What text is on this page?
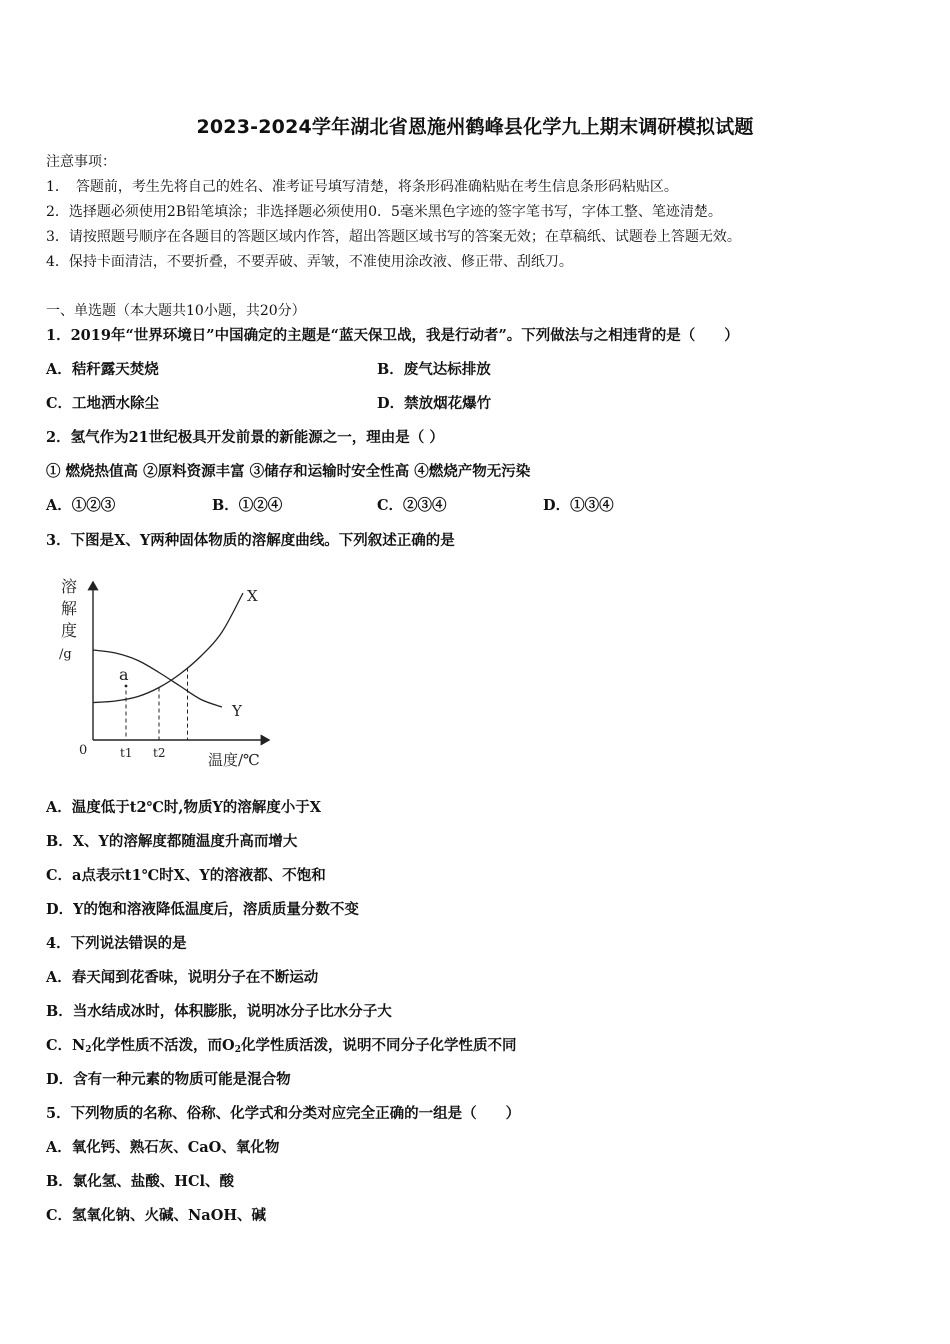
2023-2024学年湖北省恩施州鹤峰县化学九上期末调研模拟试题
注意事项：
1．　答题前，考生先将自己的姓名、准考证号填写清楚，将条形码准确粘贴在考生信息条形码粘贴区。
2．选择题必须使用2B铅笔填涂；非选择题必须使用0．5毫米黑色字迹的签字笔书写，字体工整、笔迹清楚。
3．请按照题号顺序在各题目的答题区域内作答，超出答题区域书写的答案无效；在草稿纸、试题卷上答题无效。
4．保持卡面清洁，不要折叠，不要弄破、弄皱，不准使用涂改液、修正带、刮纸刀。
一、单选题（本大题共10小题，共20分）
1．2019年“世界环境日”中国确定的主题是“蓝天保卫战，我是行动者”。下列做法与之相违背的是（　　）
A．秸秆露天焚烧	B．废气达标排放
C．工地洒水除尘	D．禁放烟花爆竹
2．氢气作为21世纪极具开发前景的新能源之一，理由是（ ）
① 燃烧热值高 ②原料资源丰富 ③储存和运输时安全性高 ④燃烧产物无污染
A．①②③	B．①②④	C．②③④	D．①③④
3．下图是X、Y两种固体物质的溶解度曲线。下列叙述正确的是
溶
解
度
/g
0
温度/℃
t1 t2
X
Y
a
A．温度低于t2℃时,物质Y的溶解度小于X
B．X、Y的溶解度都随温度升高而增大
C．a点表示t1℃时X、Y的溶液都、不饱和
D．Y的饱和溶液降低温度后，溶质质量分数不变
4．下列说法错误的是
A．春天闻到花香味，说明分子在不断运动
B．当水结成冰时，体积膨胀，说明冰分子比水分子大
C．$N_2$化学性质不活泼，而$O_2$化学性质活泼，说明不同分子化学性质不同
D．含有一种元素的物质可能是混合物
5．下列物质的名称、俗称、化学式和分类对应完全正确的一组是（　　）
A．氧化钙、熟石灰、CaO、氧化物
B．氯化氢、盐酸、HCl、酸
C．氢氧化钠、火碱、NaOH、碱
